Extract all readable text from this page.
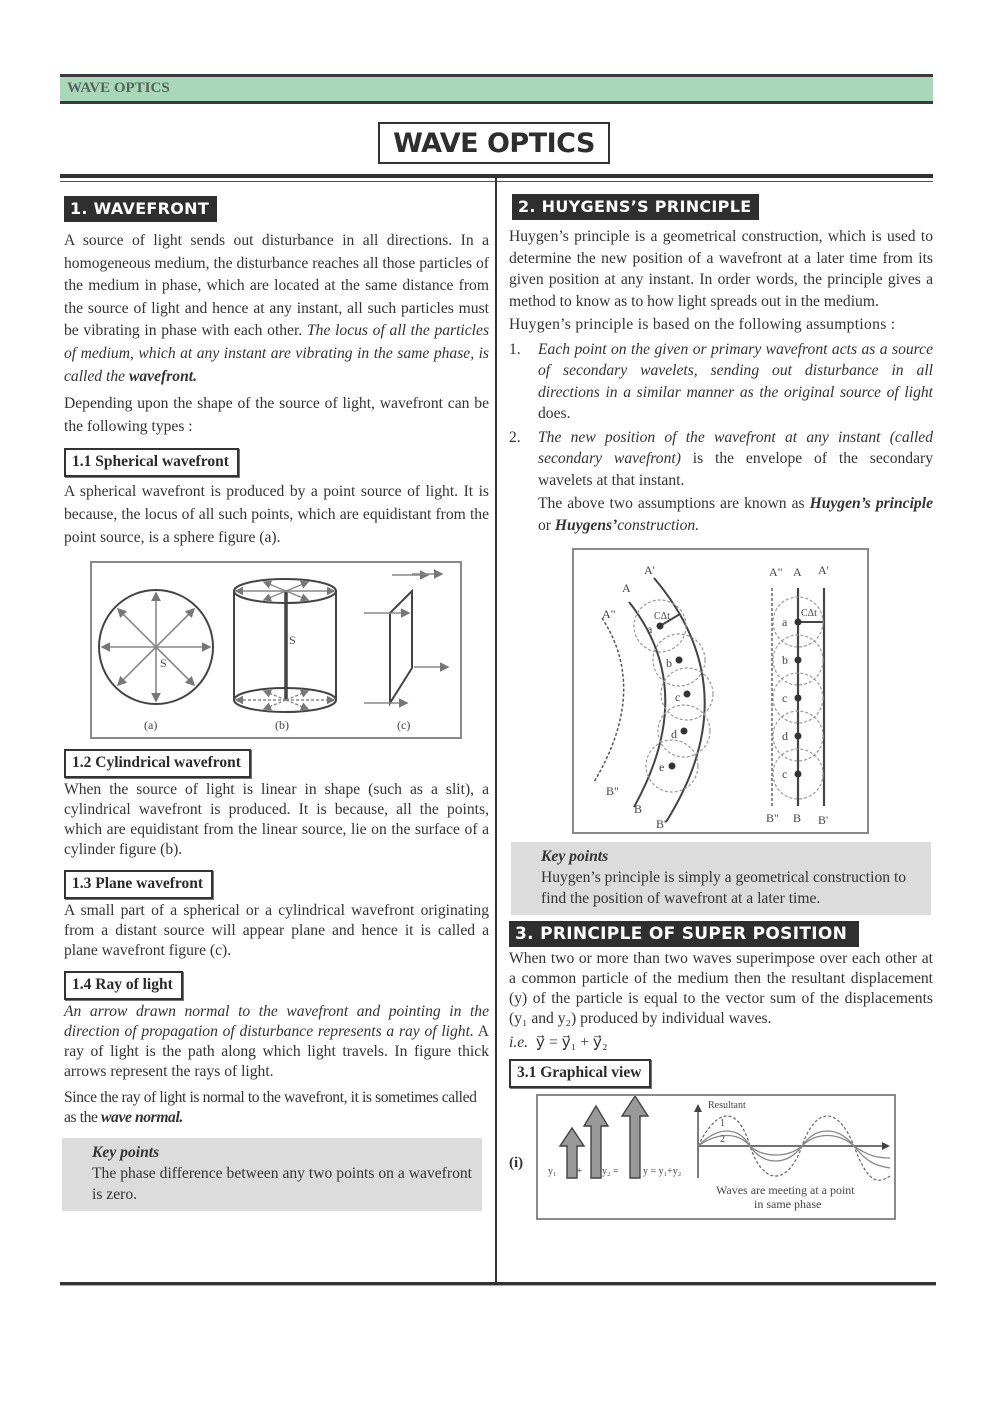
WAVE OPTICS
WAVE OPTICS
1. WAVEFRONT

A source of light sends out disturbance in all directions. In a homogeneous medium, the disturbance reaches all those particles of the medium in phase, which are located at the same distance from the source of light and hence at any instant, all such particles must be vibrating in phase with each other. The locus of all the particles of medium, which at any instant are vibrating in the same phase, is called the wavefront.

Depending upon the shape of the source of light, wavefront can be the following types :

1.1 Spherical wavefront

A spherical wavefront is produced by a point source of light. It is because, the locus of all such points, which are equidistant from the point source, is a sphere figure (a).

S
S
(a)	(b)	(c)
1.2 Cylindrical wavefront

When the source of light is linear in shape (such as a slit), a cylindrical wavefront is produced. It is because, all the points, which are equidistant from the linear source, lie on the surface of a cylinder figure (b).

1.3 Plane wavefront

A small part of a spherical or a cylindrical wavefront originating from a distant source will appear plane and hence it is called a plane wavefront figure (c).

1.4 Ray of light

An arrow drawn normal to the wavefront and pointing in the direction of propagation of disturbance represents a ray of light. A ray of light is the path along which light travels. In figure thick arrows represent the rays of light.

Since the ray of light is normal to the wavefront, it is sometimes called as the wave normal.

Key points
The phase difference between any two points on a wavefront is zero.
2. HUYGENS’S PRINCIPLE

Huygen’s principle is a geometrical construction, which is used to determine the new position of a wavefront at a later time from its given position at any instant. In order words, the principle gives a method to know as to how light spreads out in the medium.

Huygen’s principle is based on the following assumptions :

1. Each point on the given or primary wavefront acts as a source of secondary wavelets, sending out disturbance in all directions in a similar manner as the original source of light does.
2. The new position of the wavefront at any instant (called secondary wavefront) is the envelope of the secondary wavelets at that instant.

The above two assumptions are known as Huygen’s principle or Huygens’construction.

A'
A
A"	CΔt
a
b
c
d
e
B"
B
B'
A" A A'
CΔt
a
b
c
d
c
B" B B'
Key points
Huygen’s principle is simply a geometrical construction to find the position of wavefront at a later time.
3. PRINCIPLE OF SUPER POSITION

When two or more than two waves superimpose over each other at a common particle of the medium then the resultant displacement (y) of the particle is equal to the vector sum of the displacements (y₁ and y₂) produced by individual waves.

i.e. y⃗ = y⃗₁ + y⃗₂

3.1 Graphical view
(i)
y₁ + y₂ = y = y₁+y₂
Resultant
1
2
Waves are meeting at a point
in same phase
